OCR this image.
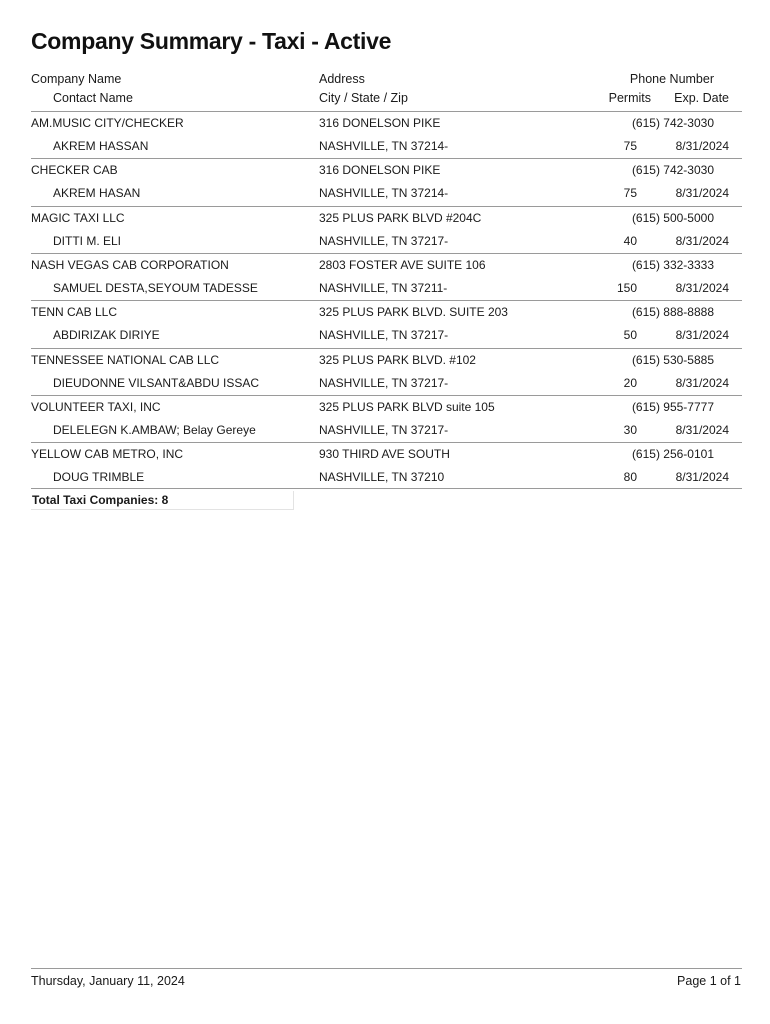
Company Summary - Taxi - Active
Company Name	Address	Phone Number
Contact Name	City / State / Zip	Permits Exp. Date
AM.MUSIC CITY/CHECKER	316 DONELSON PIKE	(615) 742-3030
AKREM HASSAN	NASHVILLE, TN 37214-	75	8/31/2024
CHECKER CAB	316 DONELSON PIKE	(615) 742-3030
AKREM HASAN	NASHVILLE, TN 37214-	75	8/31/2024
MAGIC TAXI LLC	325 PLUS PARK BLVD #204C	(615) 500-5000
DITTI M. ELI	NASHVILLE, TN 37217-	40	8/31/2024
NASH VEGAS CAB CORPORATION	2803 FOSTER AVE SUITE 106	(615) 332-3333
SAMUEL DESTA,SEYOUM TADESSE	NASHVILLE, TN 37211-	150	8/31/2024
TENN CAB LLC	325 PLUS PARK BLVD. SUITE 203	(615) 888-8888
ABDIRIZAK DIRIYE	NASHVILLE, TN 37217-	50	8/31/2024
TENNESSEE NATIONAL CAB LLC	325 PLUS PARK BLVD. #102	(615) 530-5885
DIEUDONNE VILSANT&ABDU ISSAC	NASHVILLE, TN 37217-	20	8/31/2024
VOLUNTEER TAXI, INC	325 PLUS PARK BLVD suite 105	(615) 955-7777
DELELEGN K.AMBAW; Belay Gereye	NASHVILLE, TN 37217-	30	8/31/2024
YELLOW CAB METRO, INC	930 THIRD AVE SOUTH	(615) 256-0101
DOUG TRIMBLE	NASHVILLE, TN 37210	80	8/31/2024
Total Taxi Companies: 8
Thursday, January 11, 2024	Page 1 of 1
